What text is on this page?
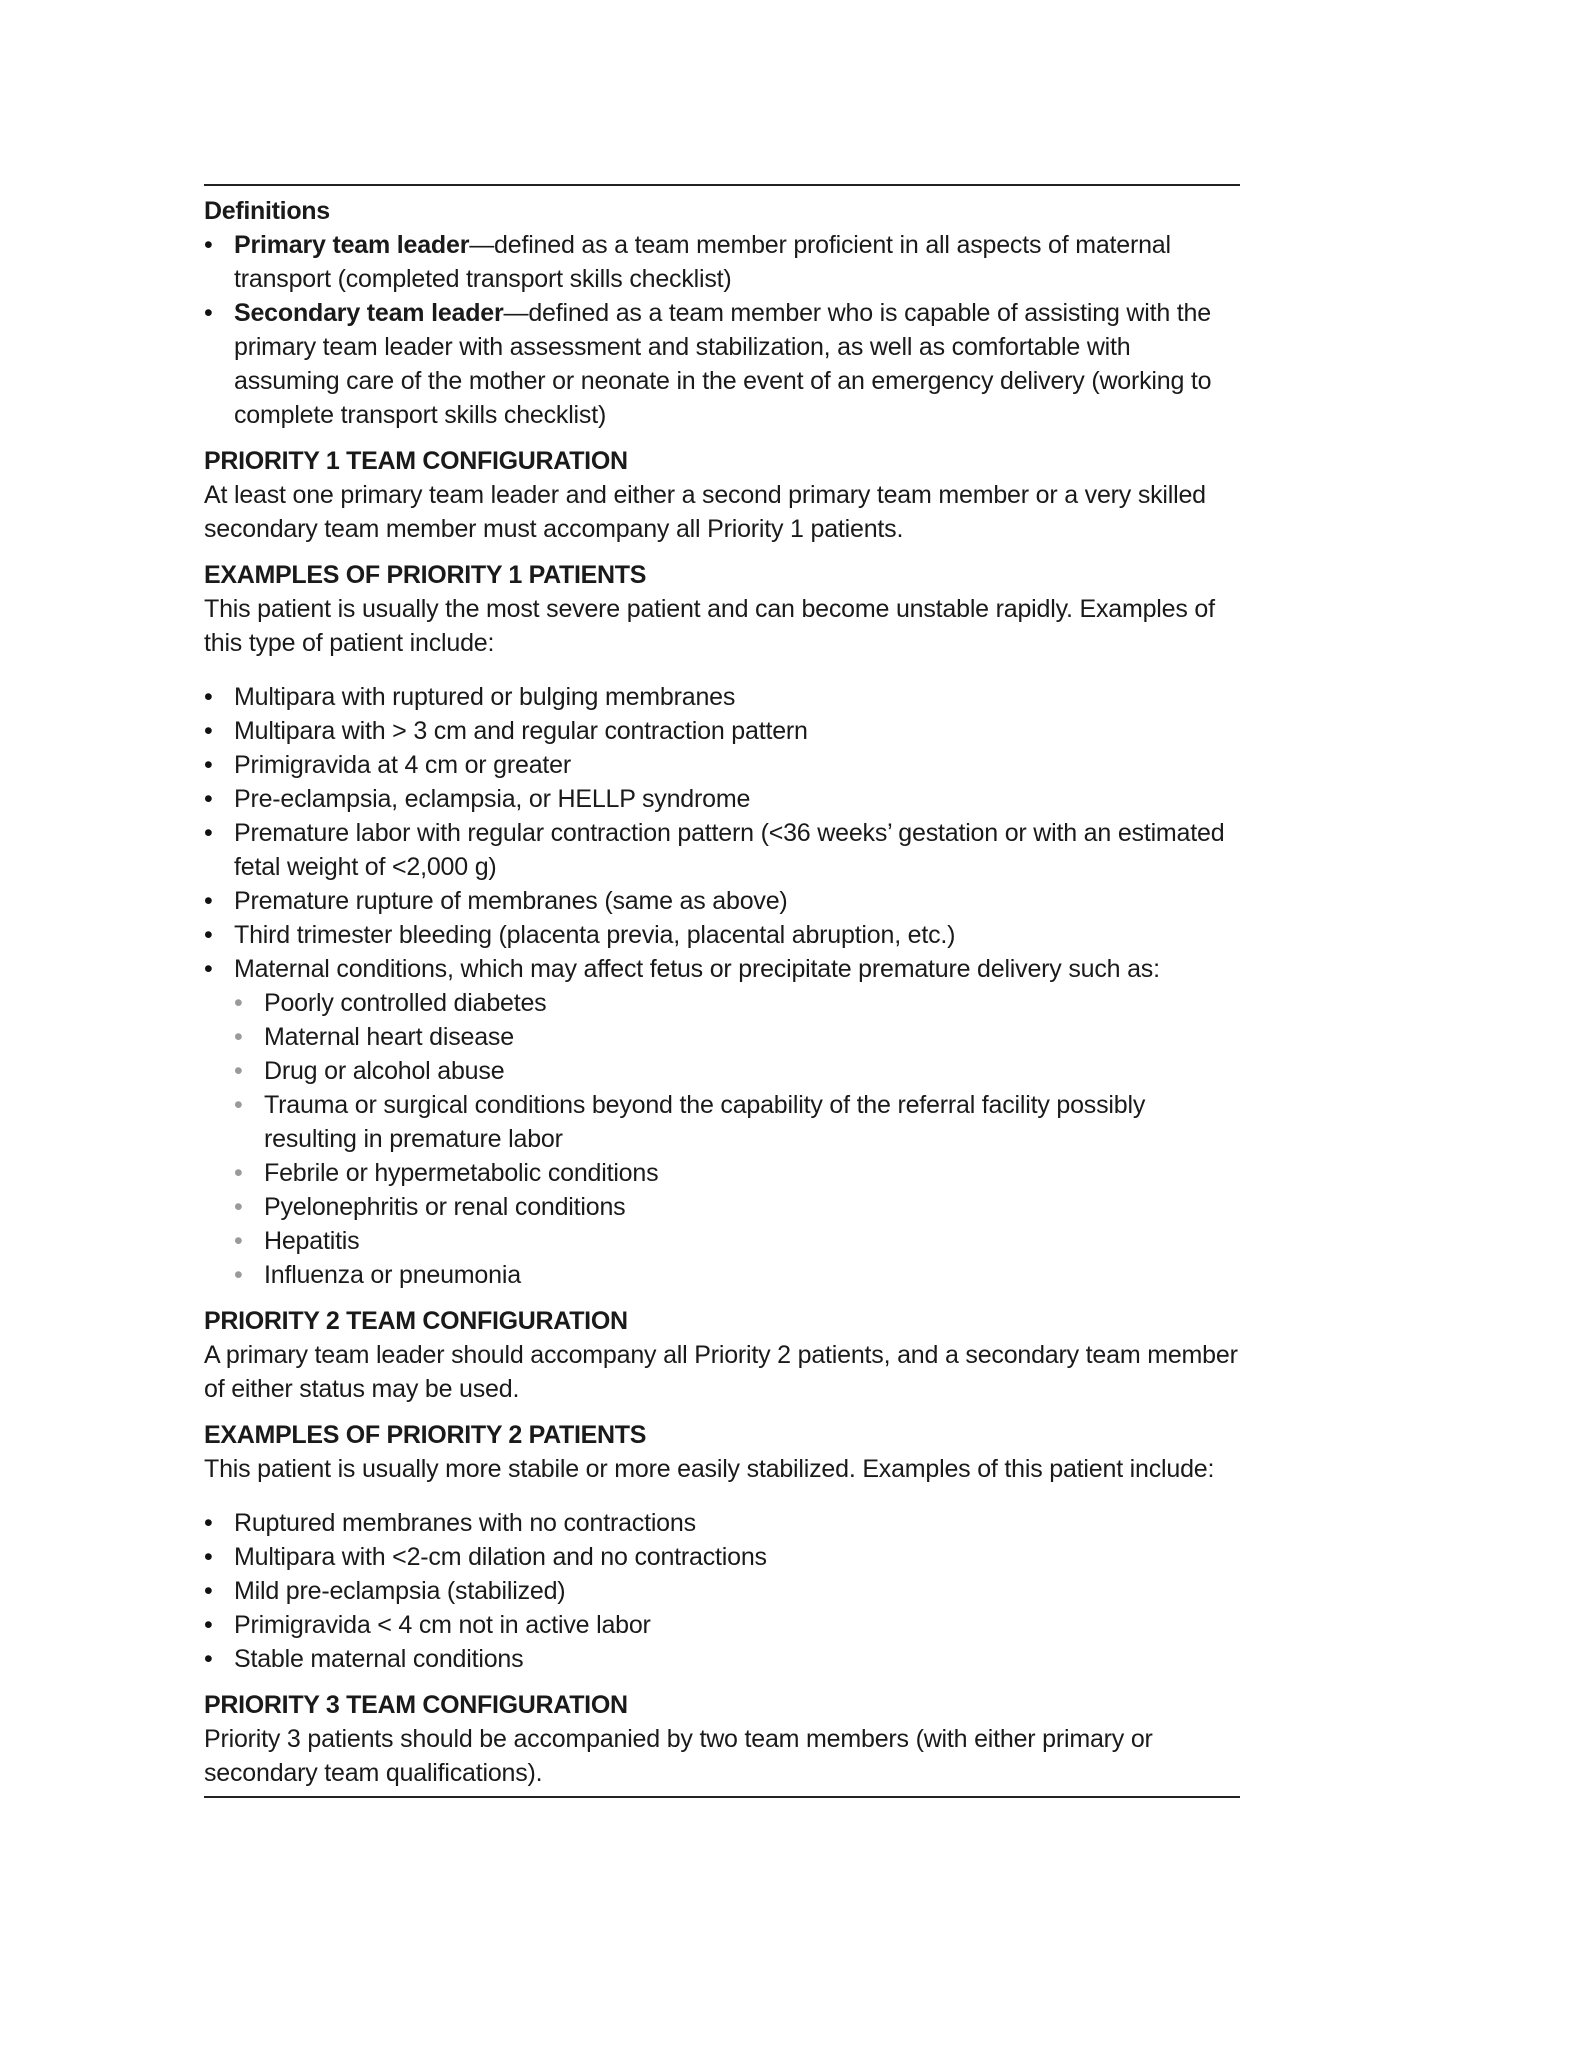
Definitions
• Primary team leader—defined as a team member proficient in all aspects of maternal transport (completed transport skills checklist)
• Secondary team leader—defined as a team member who is capable of assisting with the primary team leader with assessment and stabilization, as well as comfortable with assuming care of the mother or neonate in the event of an emergency delivery (working to complete transport skills checklist)
PRIORITY 1 TEAM CONFIGURATION

At least one primary team leader and either a second primary team member or a very skilled secondary team member must accompany all Priority 1 patients.

EXAMPLES OF PRIORITY 1 PATIENTS

This patient is usually the most severe patient and can become unstable rapidly. Examples of this type of patient include:

• Multipara with ruptured or bulging membranes
• Multipara with > 3 cm and regular contraction pattern
• Primigravida at 4 cm or greater
• Pre-eclampsia, eclampsia, or HELLP syndrome
• Premature labor with regular contraction pattern (<36 weeks’ gestation or with an estimated fetal weight of <2,000 g)
• Premature rupture of membranes (same as above)
• Third trimester bleeding (placenta previa, placental abruption, etc.)
• Maternal conditions, which may affect fetus or precipitate premature delivery such as:
• Poorly controlled diabetes
• Maternal heart disease
• Drug or alcohol abuse
• Trauma or surgical conditions beyond the capability of the referral facility possibly resulting in premature labor
• Febrile or hypermetabolic conditions
• Pyelonephritis or renal conditions
• Hepatitis
• Influenza or pneumonia
PRIORITY 2 TEAM CONFIGURATION

A primary team leader should accompany all Priority 2 patients, and a secondary team member of either status may be used.

EXAMPLES OF PRIORITY 2 PATIENTS

This patient is usually more stabile or more easily stabilized. Examples of this patient include:

• Ruptured membranes with no contractions
• Multipara with <2-cm dilation and no contractions
• Mild pre-eclampsia (stabilized)
• Primigravida < 4 cm not in active labor
• Stable maternal conditions
PRIORITY 3 TEAM CONFIGURATION

Priority 3 patients should be accompanied by two team members (with either primary or secondary team qualifications).
